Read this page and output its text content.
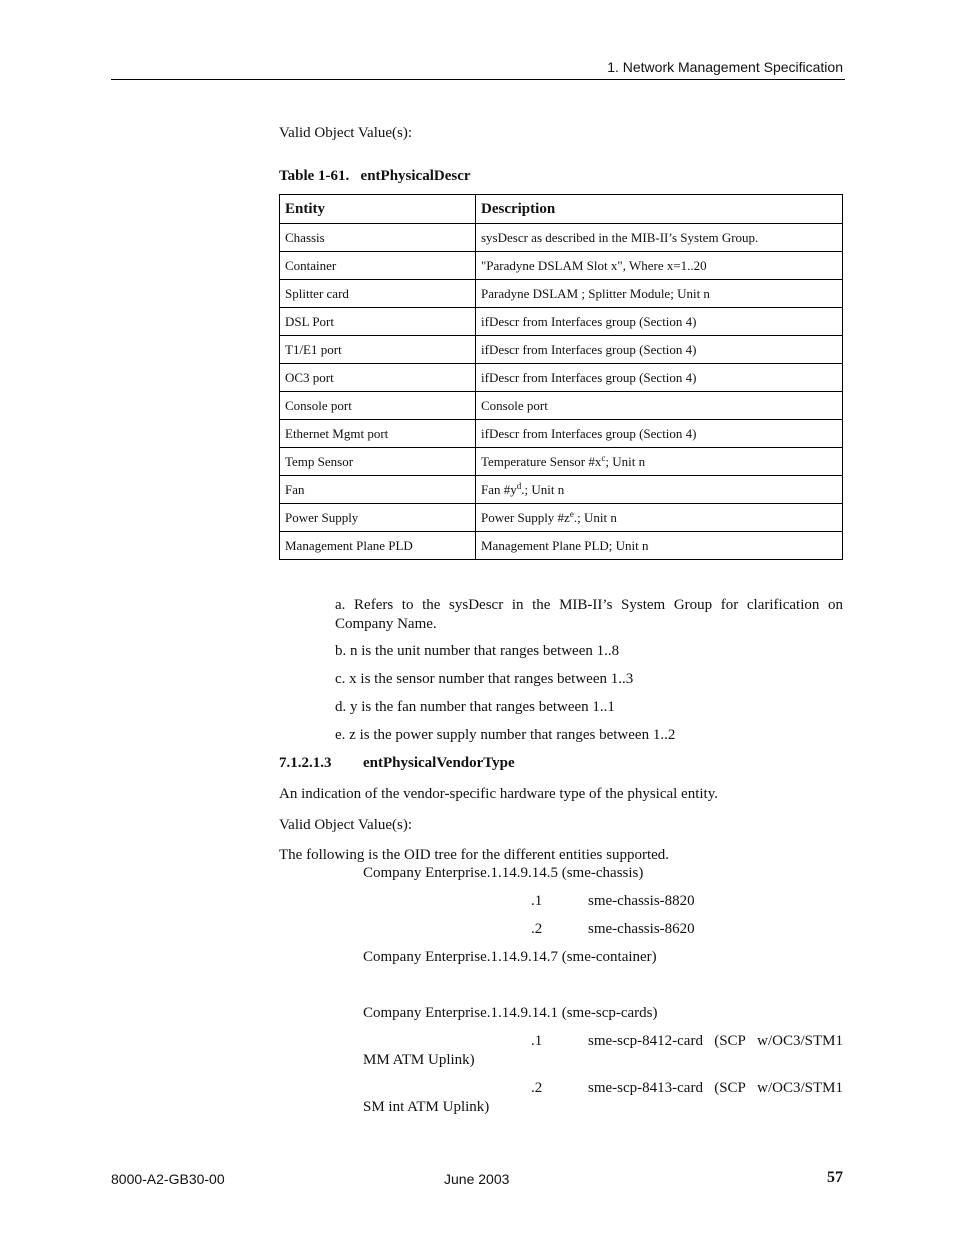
1. Network Management Specification
Valid Object Value(s):
Table 1-61.   entPhysicalDescr
Entity	Description
Chassis	sysDescr as described in the MIB-II’s System Group.
Container	"Paradyne DSLAM Slot x", Where x=1..20
Splitter card	Paradyne DSLAM ; Splitter Module; Unit n
DSL Port	ifDescr from Interfaces group (Section 4)
T1/E1 port	ifDescr from Interfaces group (Section 4)
OC3 port	ifDescr from Interfaces group (Section 4)
Console port	Console port
Ethernet Mgmt port	ifDescr from Interfaces group (Section 4)
Temp Sensor	Temperature Sensor $\#x^c$; Unit n
Fan	Fan $\#y^d$.; Unit n
Power Supply	Power Supply $\#z^e$.; Unit n
Management Plane PLD	Management Plane PLD; Unit n
a. Refers to the sysDescr in the MIB-II’s System Group for clarification on Company Name.
b. n is the unit number that ranges between 1..8
c. x is the sensor number that ranges between 1..3
d. y is the fan number that ranges between 1..1
e. z is the power supply number that ranges between 1..2
7.1.2.1.3 entPhysicalVendorType
An indication of the vendor-specific hardware type of the physical entity.
Valid Object Value(s):
The following is the OID tree for the different entities supported.
Company Enterprise.1.14.9.14.5 (sme-chassis)
.1	sme-chassis-8820
.2	sme-chassis-8620
Company Enterprise.1.14.9.14.7 (sme-container)
Company Enterprise.1.14.9.14.1 (sme-scp-cards)
.1	sme-scp-8412-card (SCP w/OC3/STM1
MM ATM Uplink)
.2	sme-scp-8413-card (SCP w/OC3/STM1
SM int ATM Uplink)
8000-A2-GB30-00	June 2003	57
